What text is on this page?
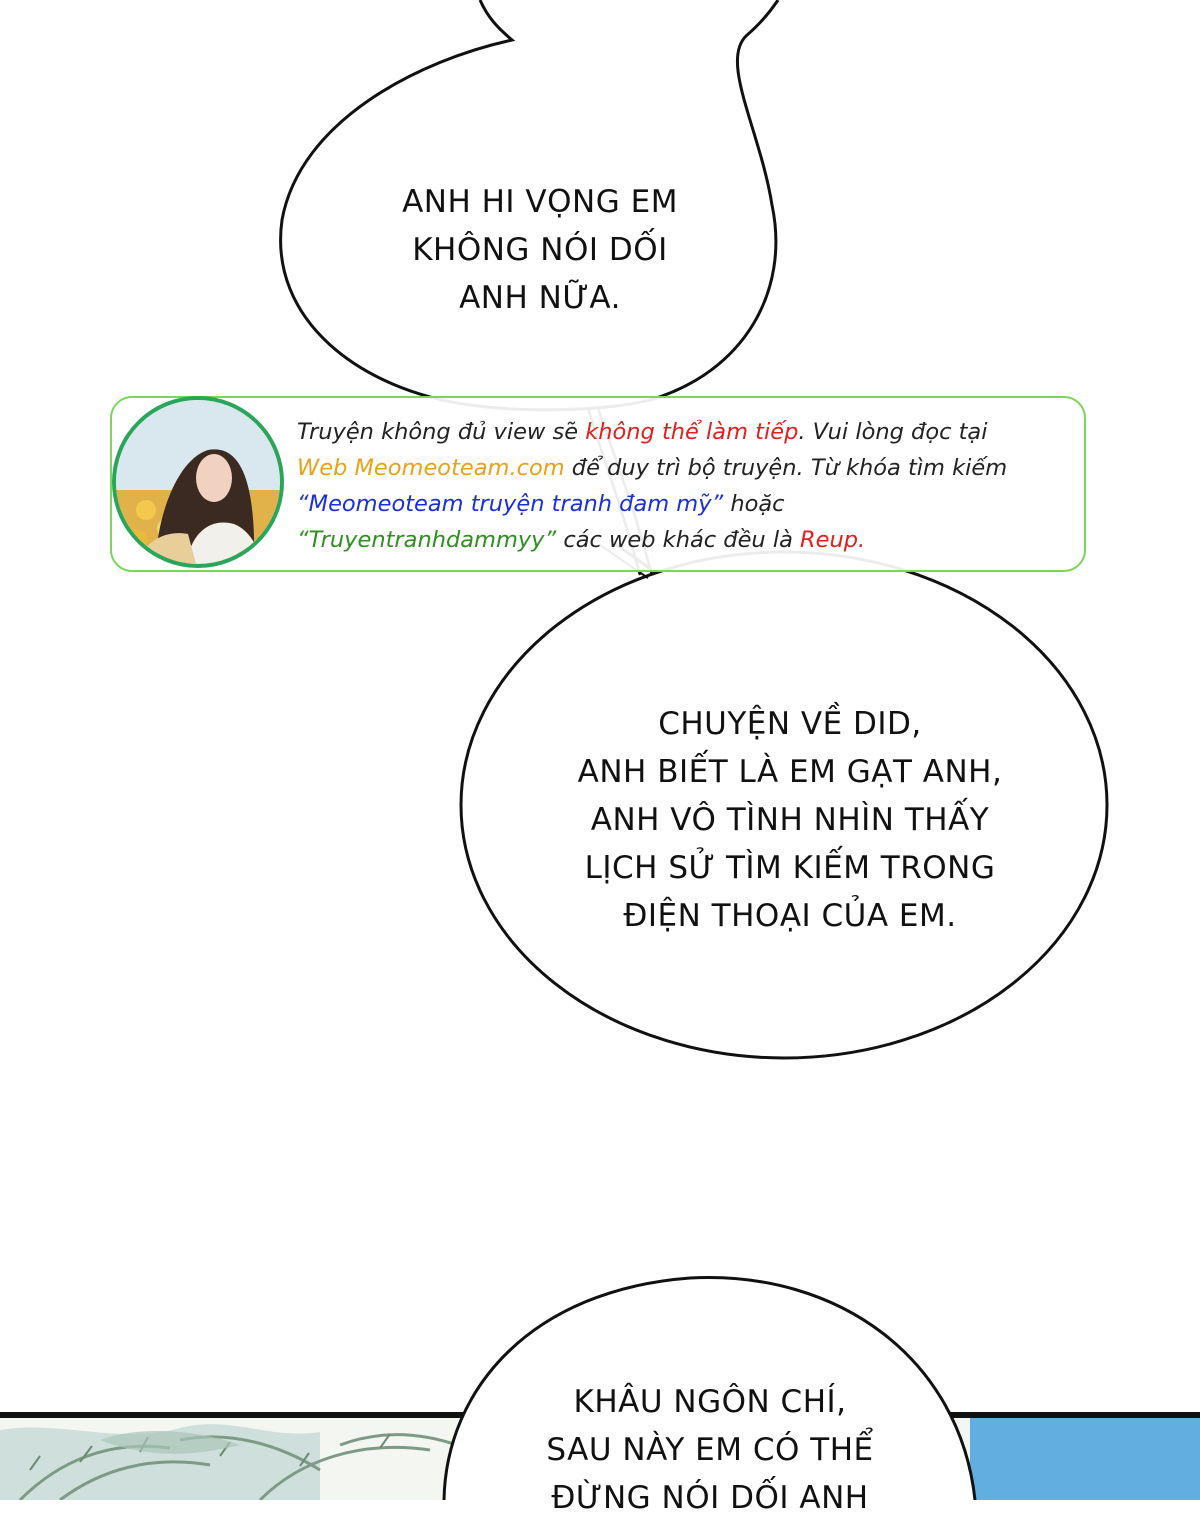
ANH HI VỌNG EM
KHÔNG NÓI DỐI
ANH NỮA.
CHUYỆN VỀ DID,
ANH BIẾT LÀ EM GẠT ANH,
ANH VÔ TÌNH NHÌN THẤY
LỊCH SỬ TÌM KIẾM TRONG
ĐIỆN THOẠI CỦA EM.
KHÂU NGÔN CHÍ,
SAU NÀY EM CÓ THỂ
ĐỪNG NÓI DỐI ANH
Truyện không đủ view sẽ không thể làm tiếp. Vui lòng đọc tại
Web Meomeoteam.com để duy trì bộ truyện. Từ khóa tìm kiếm
“Meomeoteam truyện tranh đam mỹ” hoặc
“Truyentranhdammyy” các web khác đều là Reup.
